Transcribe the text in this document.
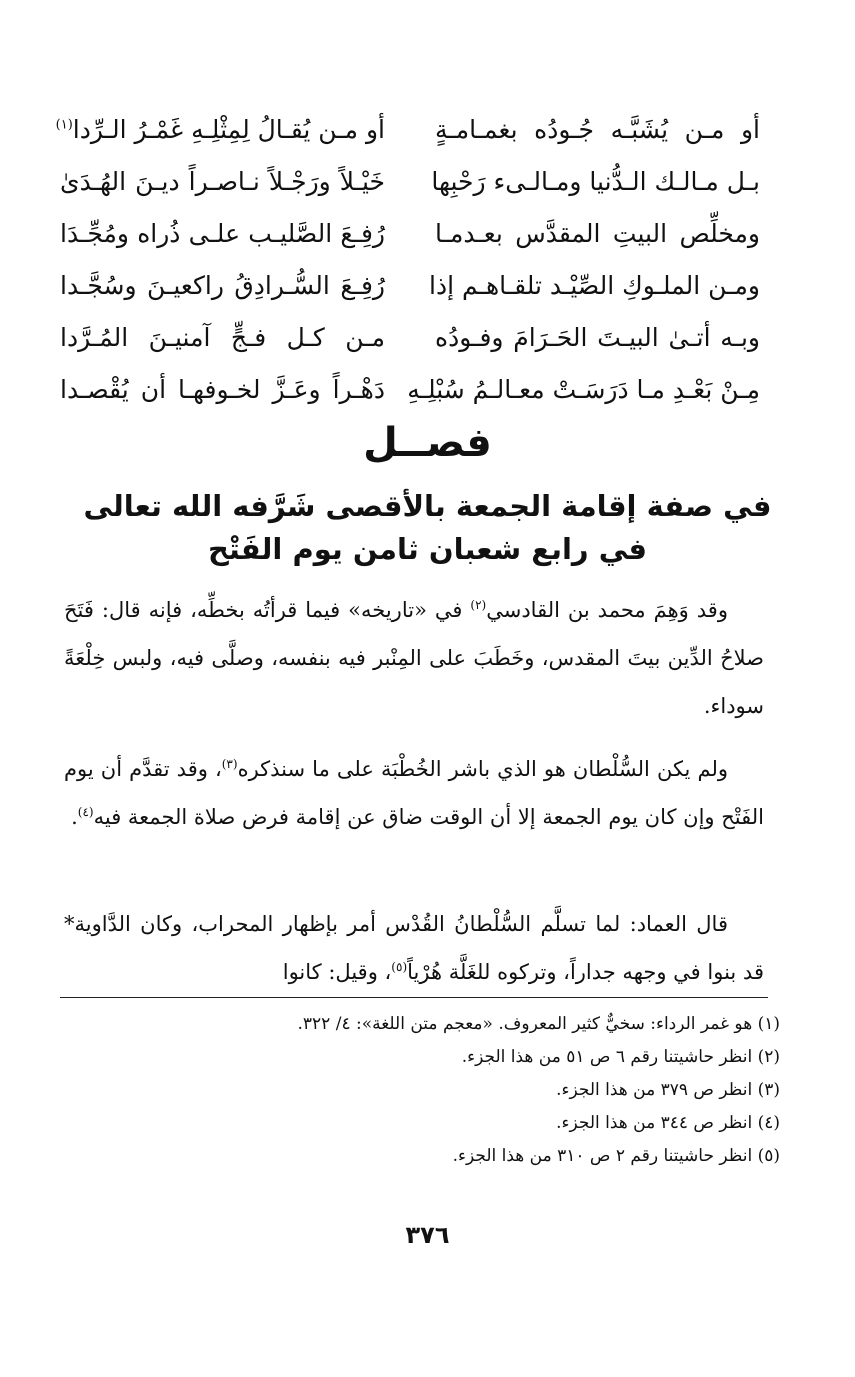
أو مـن يُشَبَّـه جُـودُه بغمـامـةٍ
أو مـن يُقـالُ لِمِثْلِـهِ غَمْـرُ الـرِّدا$^{(١)}$
بـل مـالـك الـدُّنيا ومـالـىء رَحْبِها
خَيْـلاً ورَجْـلاً نـاصـراً ديـنَ الهُـدَىٰ
ومخلِّص البيتِ المقدَّس بعـدمـا
رُفِـعَ الصَّليـب علـى ذُراه ومُجِّـدَا
ومـن الملـوكِ الصِّيْـد تلقـاهـم إذا
رُفِـعَ السُّـرادِقُ راكعيـنَ وسُجَّـدا
وبـه أتـىٰ البيـتَ الحَـرَامَ وفـودُه
مـن كـل فـجٍّ آمنيـنَ المُـرَّدا
مِـنْ بَعْـدِ مـا دَرَسَـتْ معـالـمُ سُبْلِـهِ
دَهْـراً وعَـزَّ لخـوفهـا أن يُقْصـدا
فصــل
في صفة إقامة الجمعة بالأقصى شَرَّفه الله تعالى
في رابع شعبان ثامن يوم الفَتْح

وقد وَهِمَ محمد بن القادسي$^{(٢)}$ في «تاريخه» فيما قرأتُه بخطِّه، فإنه قال: فَتَحَ صلاحُ الدِّين بيتَ المقدس، وخَطَبَ على المِنْبر فيه بنفسه، وصلَّى فيه، ولبس خِلْعَةً سوداء.

ولم يكن السُّلْطان هو الذي باشر الخُطْبَة على ما سنذكره$^{(٣)}$، وقد تقدَّم أن يوم الفَتْح وإن كان يوم الجمعة إلا أن الوقت ضاق عن إقامة فرض صلاة الجمعة فيه$^{(٤)}$.

قال العماد: لما تسلَّم السُّلْطانُ القُدْس أمر بإظهار المحراب، وكان الدَّاوية* قد بنوا في وجهه جداراً، وتركوه للغَلَّة هُرْياً$^{(٥)}$، وقيل: كانوا

(١) هو غمر الرداء: سخيٌّ كثير المعروف. «معجم متن اللغة»: ٤/ ٣٢٢.
(٢) انظر حاشيتنا رقم ٦ ص ٥١ من هذا الجزء.
(٣) انظر ص ٣٧٩ من هذا الجزء.
(٤) انظر ص ٣٤٤ من هذا الجزء.
(٥) انظر حاشيتنا رقم ٢ ص ٣١٠ من هذا الجزء.
٣٧٦
